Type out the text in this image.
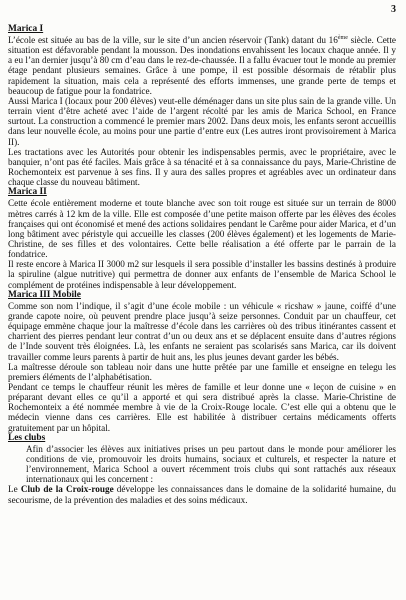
3
Marica I

L’école est située au bas de la ville, sur le site d’un ancien réservoir (Tank) datant du 16ème siècle. Cette situation est défavorable pendant la mousson. Des inondations envahissent les locaux chaque année. Il y a eu l’an dernier jusqu’à 80 cm d’eau dans le rez-de-chaussée. Il a fallu évacuer tout le monde au premier étage pendant plusieurs semaines. Grâce à une pompe, il est possible désormais de rétablir plus rapidement la situation, mais cela a représenté des efforts immenses, une grande perte de temps et beaucoup de fatigue pour la fondatrice.

Aussi Marica I (locaux pour 200 élèves) veut-elle déménager dans un site plus sain de la grande ville. Un terrain vient d’être acheté avec l’aide de l’argent récolté par les amis de Marica School, en France surtout. La construction a commencé le premier mars 2002. Dans deux mois, les enfants seront accueillis dans leur nouvelle école, au moins pour une partie d’entre eux (Les autres iront provisoirement à Marica II).

Les tractations avec les Autorités pour obtenir les indispensables permis, avec le propriétaire, avec le banquier, n’ont pas été faciles. Mais grâce à sa ténacité et à sa connaissance du pays, Marie-Christine de Rochemonteix est parvenue à ses fins. Il y aura des salles propres et agréables avec un ordinateur dans chaque classe du nouveau bâtiment.

Marica II

Cette école entièrement moderne et toute blanche avec son toit rouge est située sur un terrain de 8000 mètres carrés à 12 km de la ville. Elle est composée d’une petite maison offerte par les élèves des écoles françaises qui ont économisé et mené des actions solidaires pendant le Carême pour aider Marica, et d’un long bâtiment avec péristyle qui accueille les classes (200 élèves également) et les logements de Marie-Christine, de ses filles et des volontaires. Cette belle réalisation a été offerte par le parrain de la fondatrice.

Il reste encore à Marica II 3000 m2 sur lesquels il sera possible d’installer les bassins destinés à produire la spiruline (algue nutritive) qui permettra de donner aux enfants de l’ensemble de Marica School le complément de protéines indispensable à leur développement.

Marica III Mobile

Comme son nom l’indique, il s’agit d’une école mobile : un véhicule « ricshaw » jaune, coiffé d’une grande capote noire, où peuvent prendre place jusqu’à seize personnes. Conduit par un chauffeur, cet équipage emmène chaque jour la maîtresse d’école dans les carrières où des tribus itinérantes cassent et charrient des pierres pendant leur contrat d’un ou deux ans et se déplacent ensuite dans d’autres régions de l’Inde souvent très éloignées. Là, les enfants ne seraient pas scolarisés sans Marica, car ils doivent travailler comme leurs parents à partir de huit ans, les plus jeunes devant garder les bébés.

La maîtresse déroule son tableau noir dans une hutte prêtée par une famille et enseigne en telegu les premiers éléments de l’alphabétisation.

Pendant ce temps le chauffeur réunit les mères de famille et leur donne une « leçon de cuisine » en préparant devant elles ce qu’il a apporté et qui sera distribué après la classe. Marie-Christine de Rochemonteix a été nommée membre à vie de la Croix-Rouge locale. C’est elle qui a obtenu que le médecin vienne dans ces carrières. Elle est habilitée à distribuer certains médicaments offerts gratuitement par un hôpital.

Les clubs

Afin d’associer les élèves aux initiatives prises un peu partout dans le monde pour améliorer les conditions de vie, promouvoir les droits humains, sociaux et culturels, et respecter la nature et l’environnement, Marica School a ouvert récemment trois clubs qui sont rattachés aux réseaux internationaux qui les concernent :

Le Club de la Croix-rouge développe les connaissances dans le domaine de la solidarité humaine, du secourisme, de la prévention des maladies et des soins médicaux.
